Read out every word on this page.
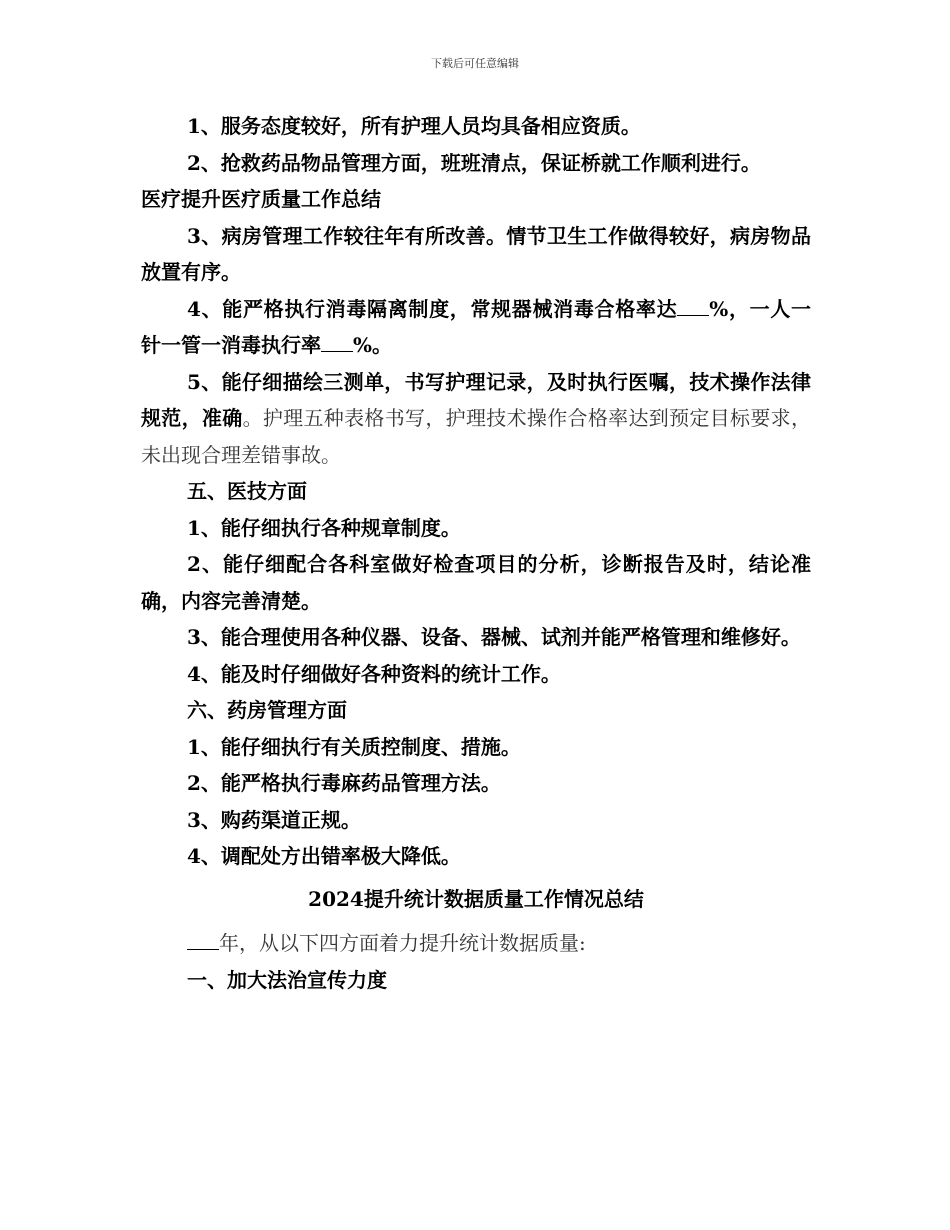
下载后可任意编辑

1、服务态度较好，所有护理人员均具备相应资质。

2、抢救药品物品管理方面，班班清点，保证桥就工作顺利进行。

医疗提升医疗质量工作总结

3、病房管理工作较往年有所改善。情节卫生工作做得较好，病房物品放置有序。

4、能严格执行消毒隔离制度，常规器械消毒合格率达 %，一人一针一管一消毒执行率 %。

5、能仔细描绘三测单，书写护理记录，及时执行医嘱，技术操作法律规范，准确。护理五种表格书写，护理技术操作合格率达到预定目标要求，未出现合理差错事故。

五、医技方面

1、能仔细执行各种规章制度。

2、能仔细配合各科室做好检查项目的分析，诊断报告及时，结论准确，内容完善清楚。

3、能合理使用各种仪器、设备、器械、试剂并能严格管理和维修好。

4、能及时仔细做好各种资料的统计工作。

六、药房管理方面

1、能仔细执行有关质控制度、措施。

2、能严格执行毒麻药品管理方法。

3、购药渠道正规。

4、调配处方出错率极大降低。

2024提升统计数据质量工作情况总结

年，从以下四方面着力提升统计数据质量:

一、加大法治宣传力度
